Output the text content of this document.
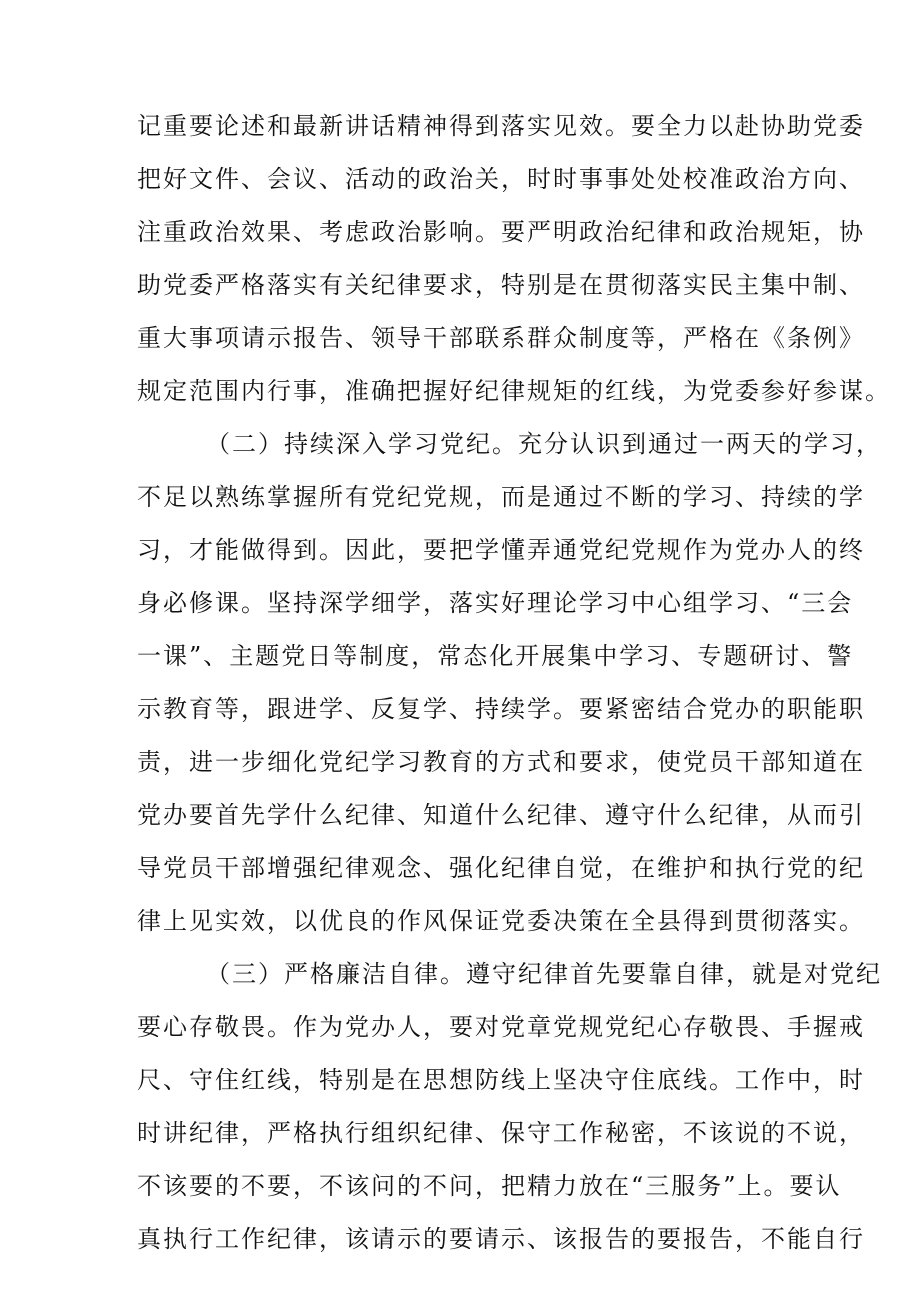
记重要论述和最新讲话精神得到落实见效。要全力以赴协助党委
把好文件、会议、活动的政治关，时时事事处处校准政治方向、
注重政治效果、考虑政治影响。要严明政治纪律和政治规矩，协
助党委严格落实有关纪律要求，特别是在贯彻落实民主集中制、
重大事项请示报告、领导干部联系群众制度等，严格在《条例》
规定范围内行事，准确把握好纪律规矩的红线，为党委参好参谋。
（二）持续深入学习党纪。充分认识到通过一两天的学习，
不足以熟练掌握所有党纪党规，而是通过不断的学习、持续的学
习，才能做得到。因此，要把学懂弄通党纪党规作为党办人的终
身必修课。坚持深学细学，落实好理论学习中心组学习、“三会
一课”、主题党日等制度，常态化开展集中学习、专题研讨、警
示教育等，跟进学、反复学、持续学。要紧密结合党办的职能职
责，进一步细化党纪学习教育的方式和要求，使党员干部知道在
党办要首先学什么纪律、知道什么纪律、遵守什么纪律，从而引
导党员干部增强纪律观念、强化纪律自觉，在维护和执行党的纪
律上见实效，以优良的作风保证党委决策在全县得到贯彻落实。
（三）严格廉洁自律。遵守纪律首先要靠自律，就是对党纪
要心存敬畏。作为党办人，要对党章党规党纪心存敬畏、手握戒
尺、守住红线，特别是在思想防线上坚决守住底线。工作中，时
时讲纪律，严格执行组织纪律、保守工作秘密，不该说的不说，
不该要的不要，不该问的不问，把精力放在“三服务”上。要认
真执行工作纪律，该请示的要请示、该报告的要报告，不能自行
